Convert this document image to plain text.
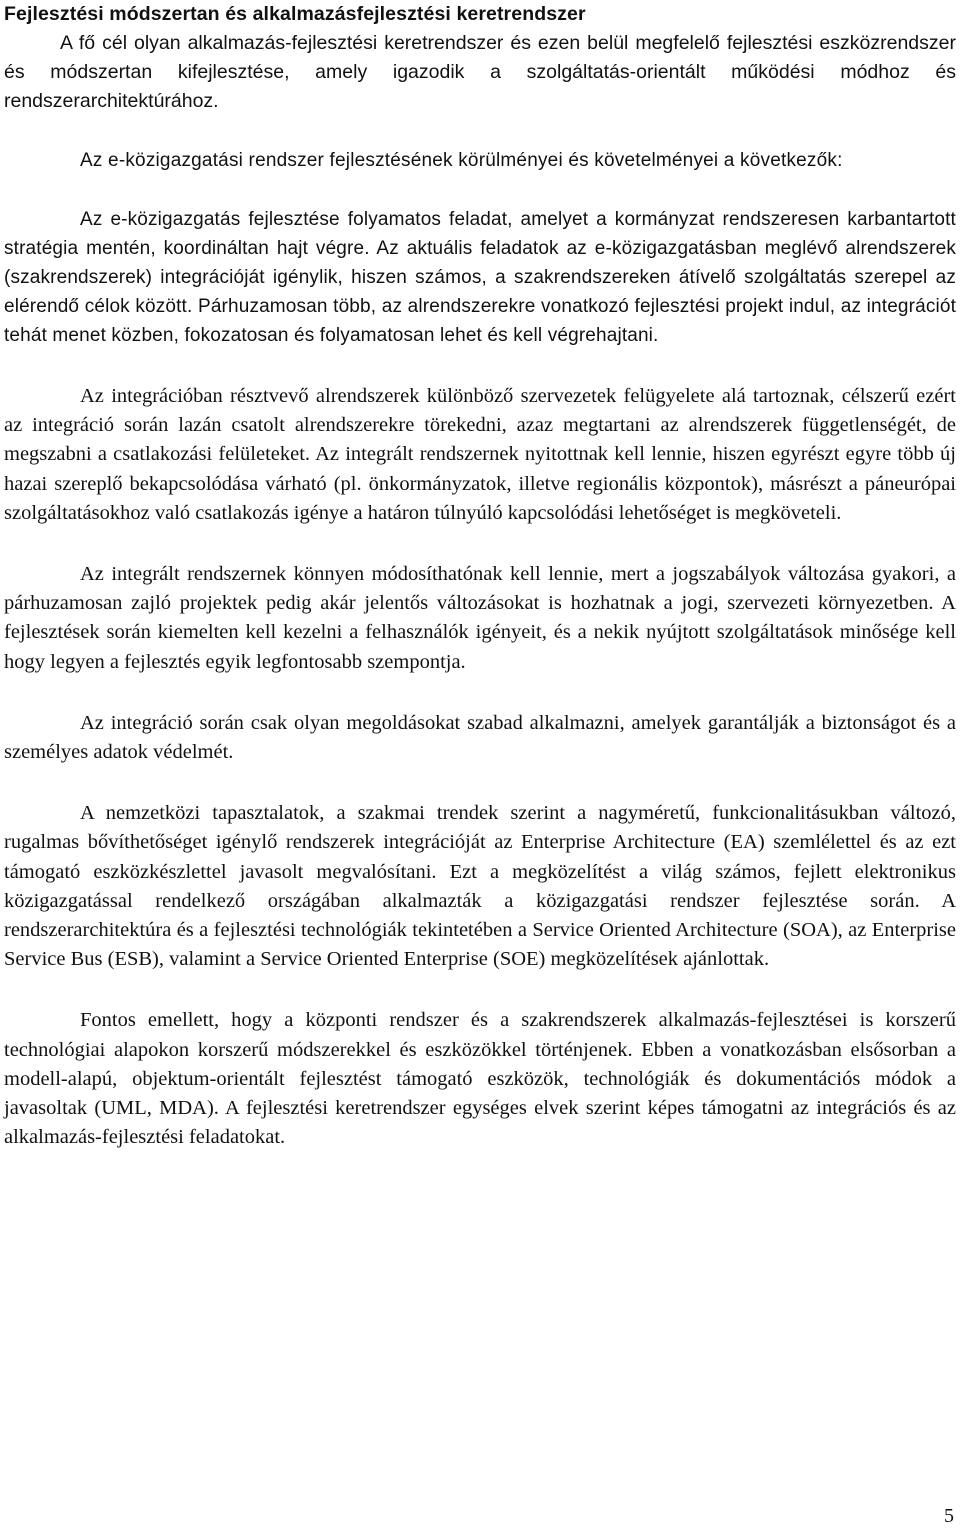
Fejlesztési módszertan és alkalmazásfejlesztési keretrendszer

A fő cél olyan alkalmazás-fejlesztési keretrendszer és ezen belül megfelelő fejlesztési eszközrendszer és módszertan kifejlesztése, amely igazodik a szolgáltatás-orientált működési módhoz és rendszerarchitektúrához.

Az e-közigazgatási rendszer fejlesztésének körülményei és követelményei a következők:

Az e-közigazgatás fejlesztése folyamatos feladat, amelyet a kormányzat rendszeresen karbantartott stratégia mentén, koordináltan hajt végre. Az aktuális feladatok az e-közigazgatásban meglévő alrendszerek (szakrendszerek) integrációját igénylik, hiszen számos, a szakrendszereken átívelő szolgáltatás szerepel az elérendő célok között. Párhuzamosan több, az alrendszerekre vonatkozó fejlesztési projekt indul, az integrációt tehát menet közben, fokozatosan és folyamatosan lehet és kell végrehajtani.

Az integrációban résztvevő alrendszerek különböző szervezetek felügyelete alá tartoznak, célszerű ezért az integráció során lazán csatolt alrendszerekre törekedni, azaz megtartani az alrendszerek függetlenségét, de megszabni a csatlakozási felületeket. Az integrált rendszernek nyitottnak kell lennie, hiszen egyrészt egyre több új hazai szereplő bekapcsolódása várható (pl. önkormányzatok, illetve regionális központok), másrészt a páneurópai szolgáltatásokhoz való csatlakozás igénye a határon túlnyúló kapcsolódási lehetőséget is megköveteli.

Az integrált rendszernek könnyen módosíthatónak kell lennie, mert a jogszabályok változása gyakori, a párhuzamosan zajló projektek pedig akár jelentős változásokat is hozhatnak a jogi, szervezeti környezetben. A fejlesztések során kiemelten kell kezelni a felhasználók igényeit, és a nekik nyújtott szolgáltatások minősége kell hogy legyen a fejlesztés egyik legfontosabb szempontja.

Az integráció során csak olyan megoldásokat szabad alkalmazni, amelyek garantálják a biztonságot és a személyes adatok védelmét.

A nemzetközi tapasztalatok, a szakmai trendek szerint a nagyméretű, funkcionalitásukban változó, rugalmas bővíthetőséget igénylő rendszerek integrációját az Enterprise Architecture (EA) szemlélettel és az ezt támogató eszközkészlettel javasolt megvalósítani. Ezt a megközelítést a világ számos, fejlett elektronikus közigazgatással rendelkező országában alkalmazták a közigazgatási rendszer fejlesztése során. A rendszerarchitektúra és a fejlesztési technológiák tekintetében a Service Oriented Architecture (SOA), az Enterprise Service Bus (ESB), valamint a Service Oriented Enterprise (SOE) megközelítések ajánlottak.

Fontos emellett, hogy a központi rendszer és a szakrendszerek alkalmazás-fejlesztései is korszerű technológiai alapokon korszerű módszerekkel és eszközökkel történjenek. Ebben a vonatkozásban elsősorban a modell-alapú, objektum-orientált fejlesztést támogató eszközök, technológiák és dokumentációs módok a javasoltak (UML, MDA). A fejlesztési keretrendszer egységes elvek szerint képes támogatni az integrációs és az alkalmazás-fejlesztési feladatokat.

5
